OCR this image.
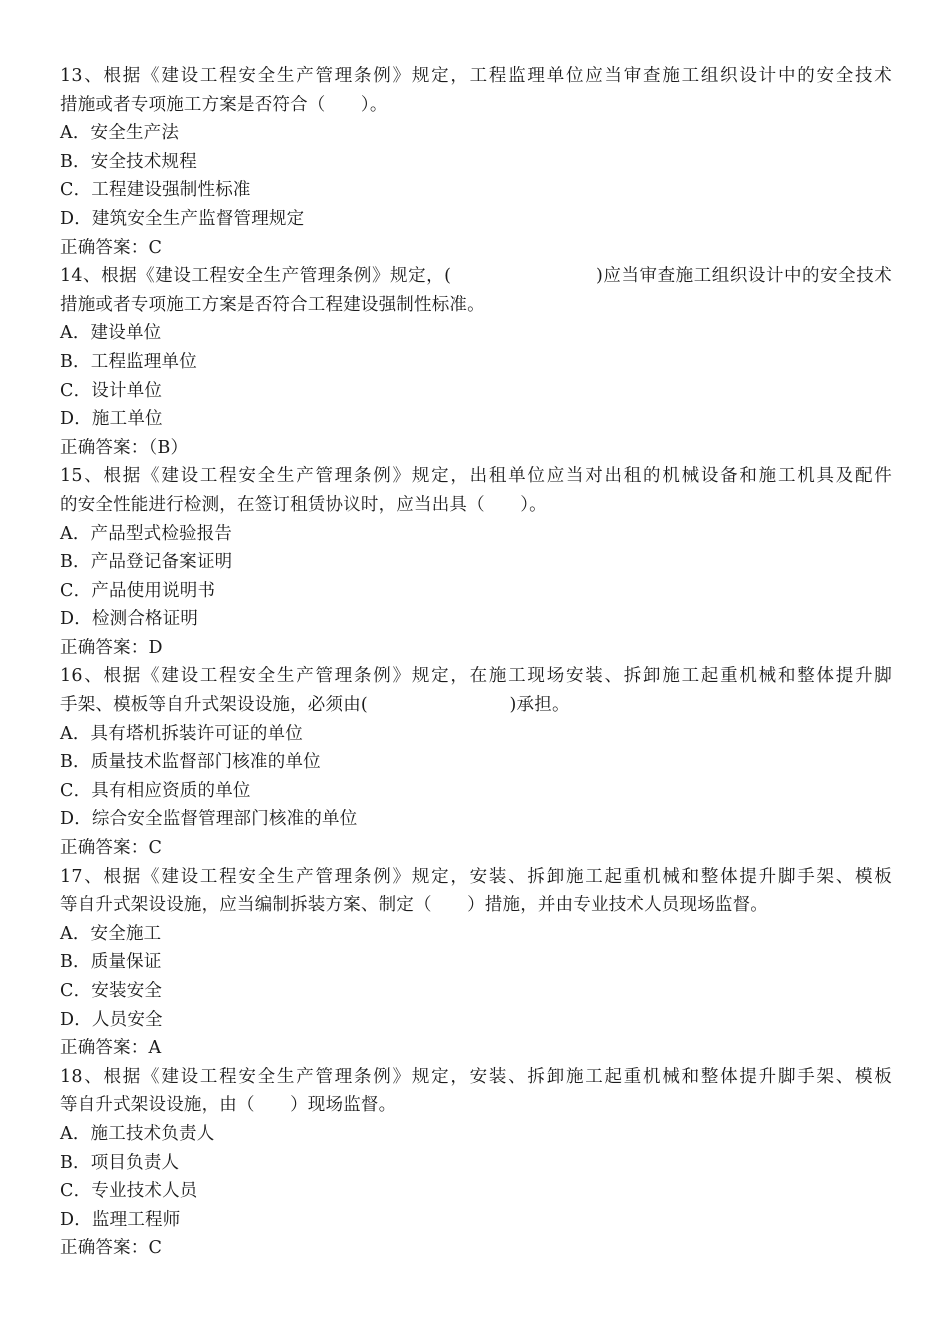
13、根据《建设工程安全生产管理条例》规定，工程监理单位应当审查施工组织设计中的安全技术
措施或者专项施工方案是否符合（　　）。
A．安全生产法
B．安全技术规程
C．工程建设强制性标准
D．建筑安全生产监督管理规定
正确答案：C
14、根据《建设工程安全生产管理条例》规定，(　　　　　　　　)应当审查施工组织设计中的安全技术
措施或者专项施工方案是否符合工程建设强制性标准。
A．建设单位
B．工程监理单位
C．设计单位
D．施工单位
正确答案：（B）
15、根据《建设工程安全生产管理条例》规定，出租单位应当对出租的机械设备和施工机具及配件
的安全性能进行检测，在签订租赁协议时，应当出具（　　）。
A．产品型式检验报告
B．产品登记备案证明
C．产品使用说明书
D．检测合格证明
正确答案：D
16、根据《建设工程安全生产管理条例》规定，在施工现场安装、拆卸施工起重机械和整体提升脚
手架、模板等自升式架设设施，必须由(　　　　　　　　)承担。
A．具有塔机拆装许可证的单位
B．质量技术监督部门核准的单位
C．具有相应资质的单位
D．综合安全监督管理部门核准的单位
正确答案：C
17、根据《建设工程安全生产管理条例》规定，安装、拆卸施工起重机械和整体提升脚手架、模板
等自升式架设设施，应当编制拆装方案、制定（　　）措施，并由专业技术人员现场监督。
A．安全施工
B．质量保证
C．安装安全
D．人员安全
正确答案：A
18、根据《建设工程安全生产管理条例》规定，安装、拆卸施工起重机械和整体提升脚手架、模板
等自升式架设设施，由（　　）现场监督。
A．施工技术负责人
B．项目负责人
C．专业技术人员
D．监理工程师
正确答案：C
